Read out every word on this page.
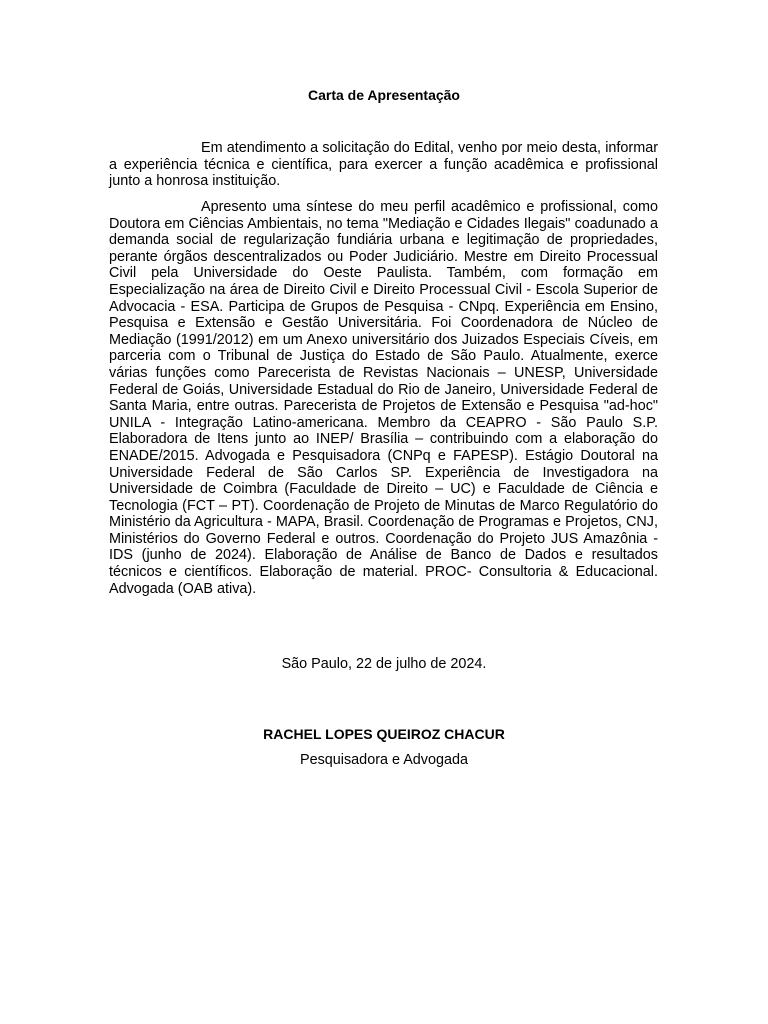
Carta de Apresentação

Em atendimento a solicitação do Edital, venho por meio desta, informar a experiência técnica e científica, para exercer a função acadêmica e profissional junto a honrosa instituição.

Apresento uma síntese do meu perfil acadêmico e profissional, como Doutora em Ciências Ambientais, no tema "Mediação e Cidades Ilegais" coadunado a demanda social de regularização fundiária urbana e legitimação de propriedades, perante órgãos descentralizados ou Poder Judiciário. Mestre em Direito Processual Civil pela Universidade do Oeste Paulista. Também, com formação em Especialização na área de Direito Civil e Direito Processual Civil - Escola Superior de Advocacia - ESA. Participa de Grupos de Pesquisa - CNpq. Experiência em Ensino, Pesquisa e Extensão e Gestão Universitária. Foi Coordenadora de Núcleo de Mediação (1991/2012) em um Anexo universitário dos Juizados Especiais Cíveis, em parceria com o Tribunal de Justiça do Estado de São Paulo. Atualmente, exerce várias funções como Parecerista de Revistas Nacionais – UNESP, Universidade Federal de Goiás, Universidade Estadual do Rio de Janeiro, Universidade Federal de Santa Maria, entre outras. Parecerista de Projetos de Extensão e Pesquisa "ad-hoc" UNILA - Integração Latino-americana. Membro da CEAPRO - São Paulo S.P. Elaboradora de Itens junto ao INEP/ Brasília – contribuindo com a elaboração do ENADE/2015. Advogada e Pesquisadora (CNPq e FAPESP). Estágio Doutoral na Universidade Federal de São Carlos SP. Experiência de Investigadora na Universidade de Coimbra (Faculdade de Direito – UC) e Faculdade de Ciência e Tecnologia (FCT – PT). Coordenação de Projeto de Minutas de Marco Regulatório do Ministério da Agricultura - MAPA, Brasil. Coordenação de Programas e Projetos, CNJ, Ministérios do Governo Federal e outros. Coordenação do Projeto JUS Amazônia - IDS (junho de 2024). Elaboração de Análise de Banco de Dados e resultados técnicos e científicos. Elaboração de material. PROC- Consultoria & Educacional. Advogada (OAB ativa).

São Paulo, 22 de julho de 2024.
RACHEL LOPES QUEIROZ CHACUR
Pesquisadora e Advogada
